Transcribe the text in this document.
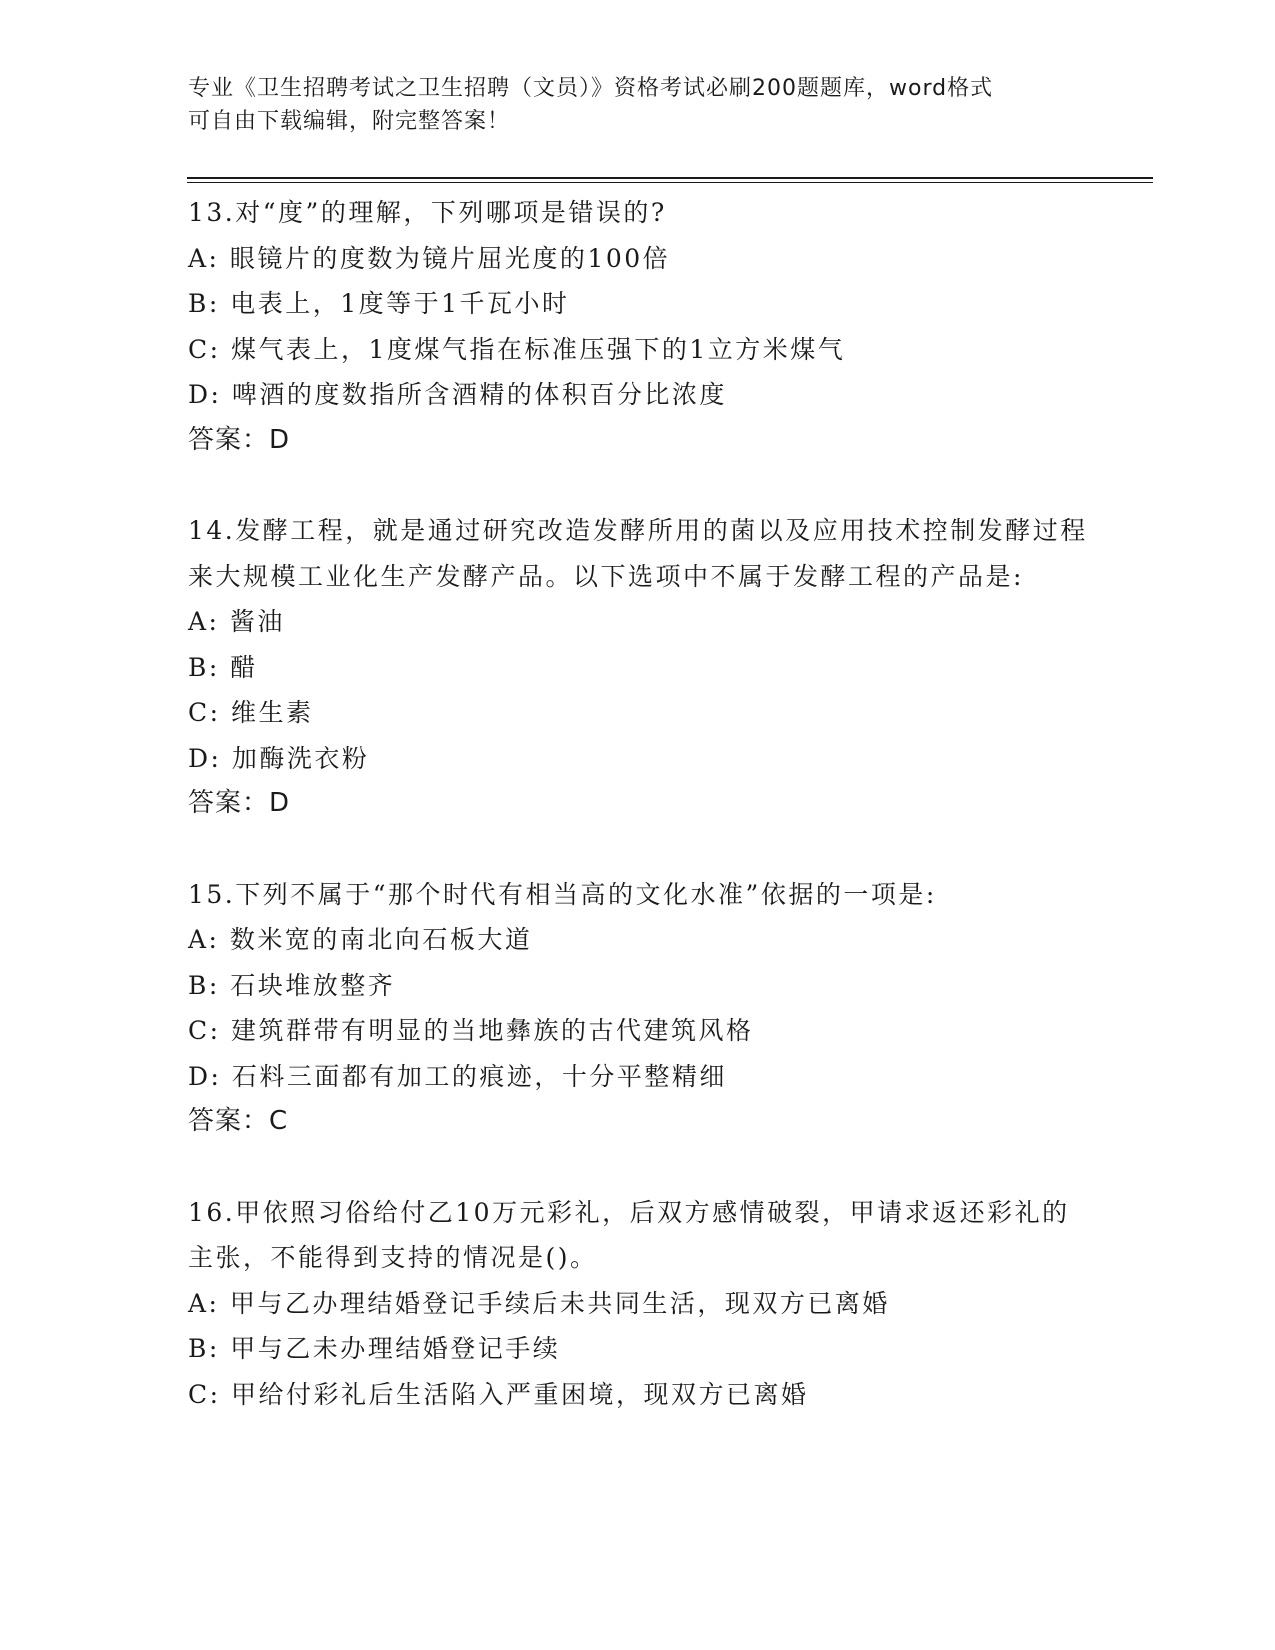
专业《卫生招聘考试之卫生招聘（文员）》资格考试必刷200题题库，word格式
可自由下载编辑，附完整答案！

13.对“度”的理解，下列哪项是错误的?

A: 眼镜片的度数为镜片屈光度的100倍

B: 电表上，1度等于1千瓦小时

C: 煤气表上，1度煤气指在标准压强下的1立方米煤气

D: 啤酒的度数指所含酒精的体积百分比浓度

答案：D

14.发酵工程，就是通过研究改造发酵所用的菌以及应用技术控制发酵过程来大规模工业化生产发酵产品。以下选项中不属于发酵工程的产品是:

A: 酱油

B: 醋

C: 维生素

D: 加酶洗衣粉

答案：D

15.下列不属于“那个时代有相当高的文化水准”依据的一项是:

A: 数米宽的南北向石板大道

B: 石块堆放整齐

C: 建筑群带有明显的当地彝族的古代建筑风格

D: 石料三面都有加工的痕迹，十分平整精细

答案：C

16.甲依照习俗给付乙10万元彩礼，后双方感情破裂，甲请求返还彩礼的主张，不能得到支持的情况是()。

A: 甲与乙办理结婚登记手续后未共同生活，现双方已离婚

B: 甲与乙未办理结婚登记手续

C: 甲给付彩礼后生活陷入严重困境，现双方已离婚
